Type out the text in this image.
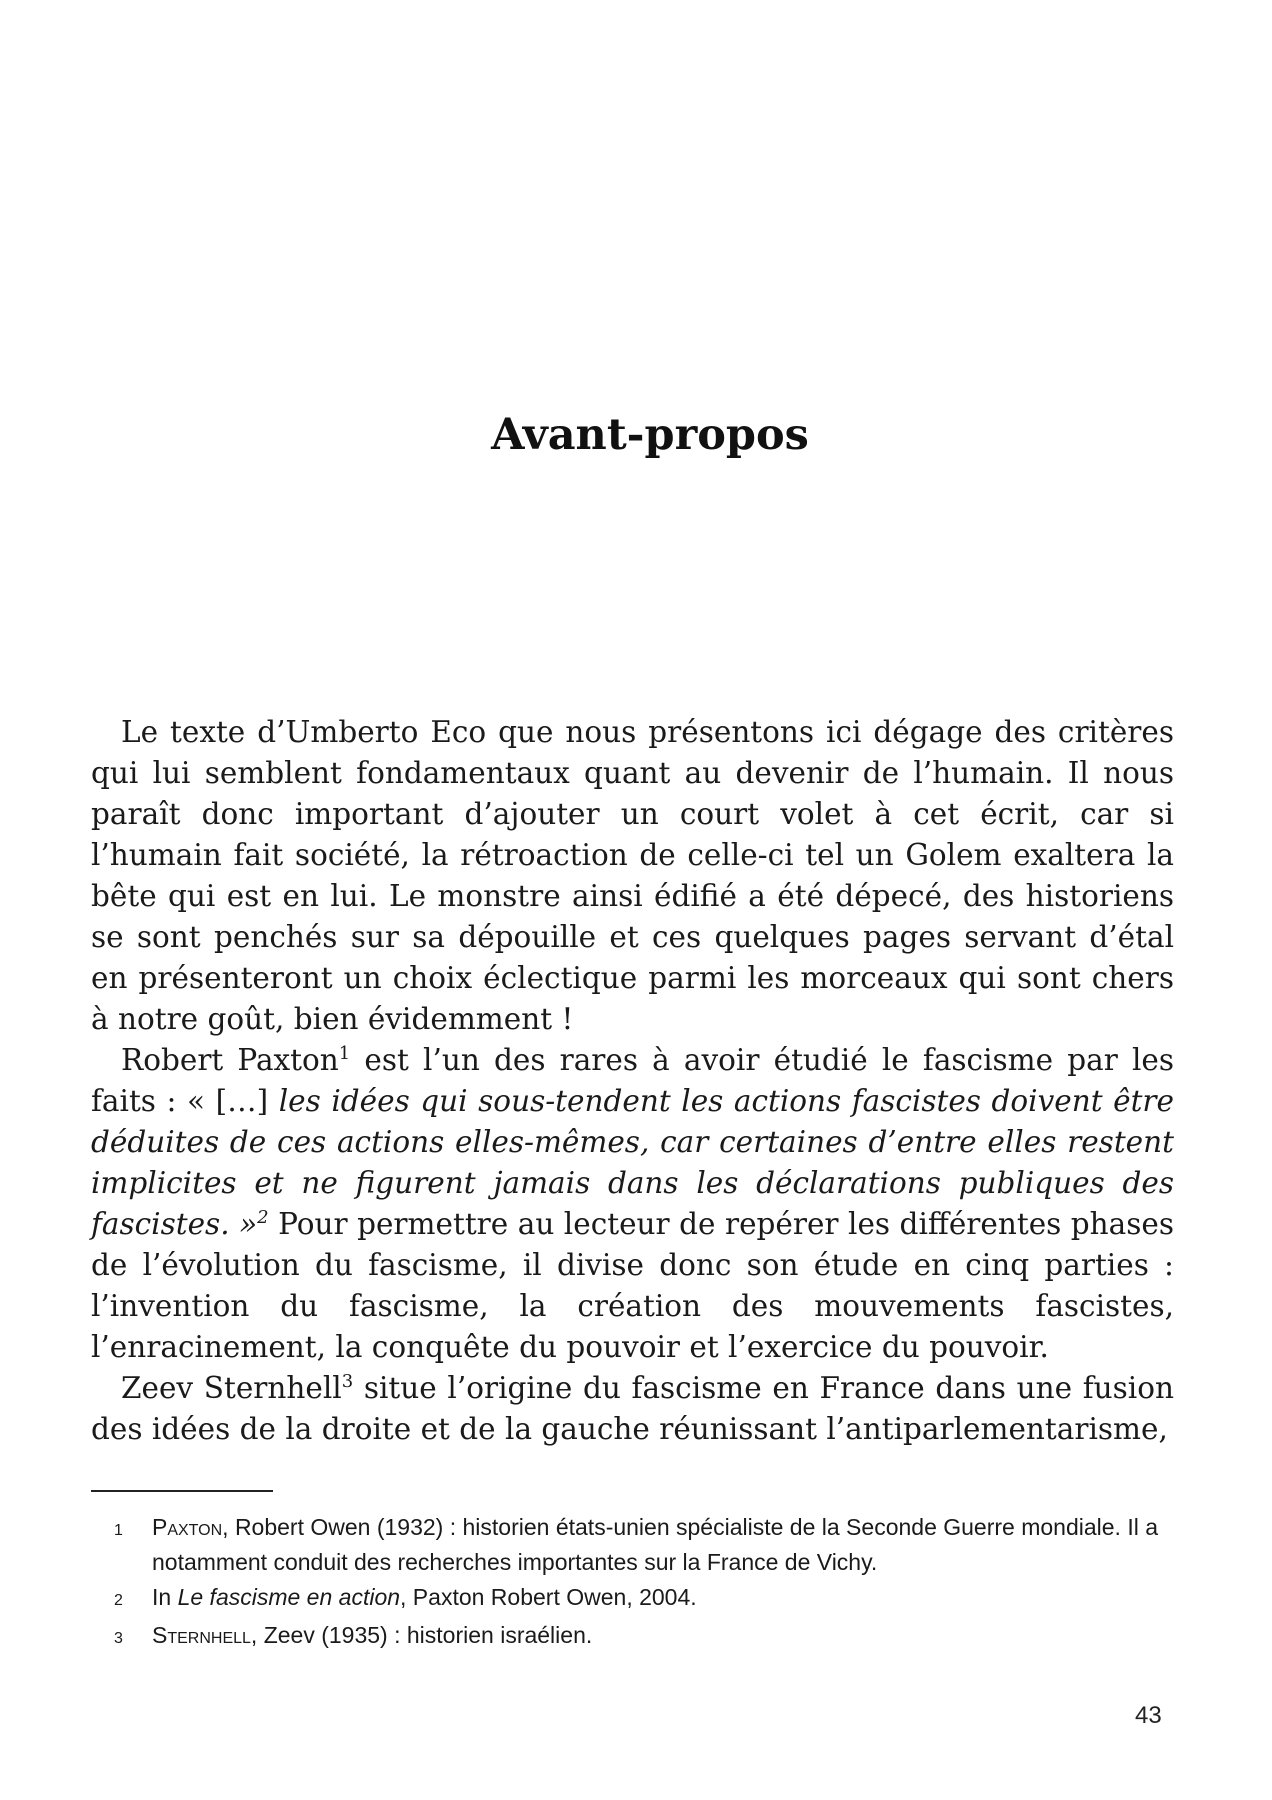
Avant-propos

Le texte d’Umberto Eco que nous présentons ici dégage des critères qui lui semblent fondamentaux quant au devenir de l’humain. Il nous paraît donc important d’ajouter un court volet à cet écrit, car si l’humain fait société, la rétroaction de celle-ci tel un Golem exaltera la bête qui est en lui. Le monstre ainsi édifié a été dépecé, des historiens se sont penchés sur sa dépouille et ces quelques pages servant d’étal en présenteront un choix éclectique parmi les morceaux qui sont chers à notre goût, bien évidemment !

Robert Paxton$^1$ est l’un des rares à avoir étudié le fascisme par les faits : « […] les idées qui sous-tendent les actions fascistes doivent être déduites de ces actions elles-mêmes, car certaines d’entre elles restent implicites et ne figurent jamais dans les déclarations publiques des fascistes. »$^2$ Pour permettre au lecteur de repérer les différentes phases de l’évolution du fascisme, il divise donc son étude en cinq parties : l’invention du fascisme, la création des mouvements fascistes, l’enracinement, la conquête du pouvoir et l’exercice du pouvoir.

Zeev Sternhell$^3$ situe l’origine du fascisme en France dans une fusion des idées de la droite et de la gauche réunissant l’antiparlementarisme,

1	Paxton, Robert Owen (1932) : historien états-unien spécialiste de la Seconde Guerre mondiale. Il a notamment conduit des recherches importantes sur la France de Vichy.
2	In Le fascisme en action, Paxton Robert Owen, 2004.
3	Sternhell, Zeev (1935) : historien israélien.
43
